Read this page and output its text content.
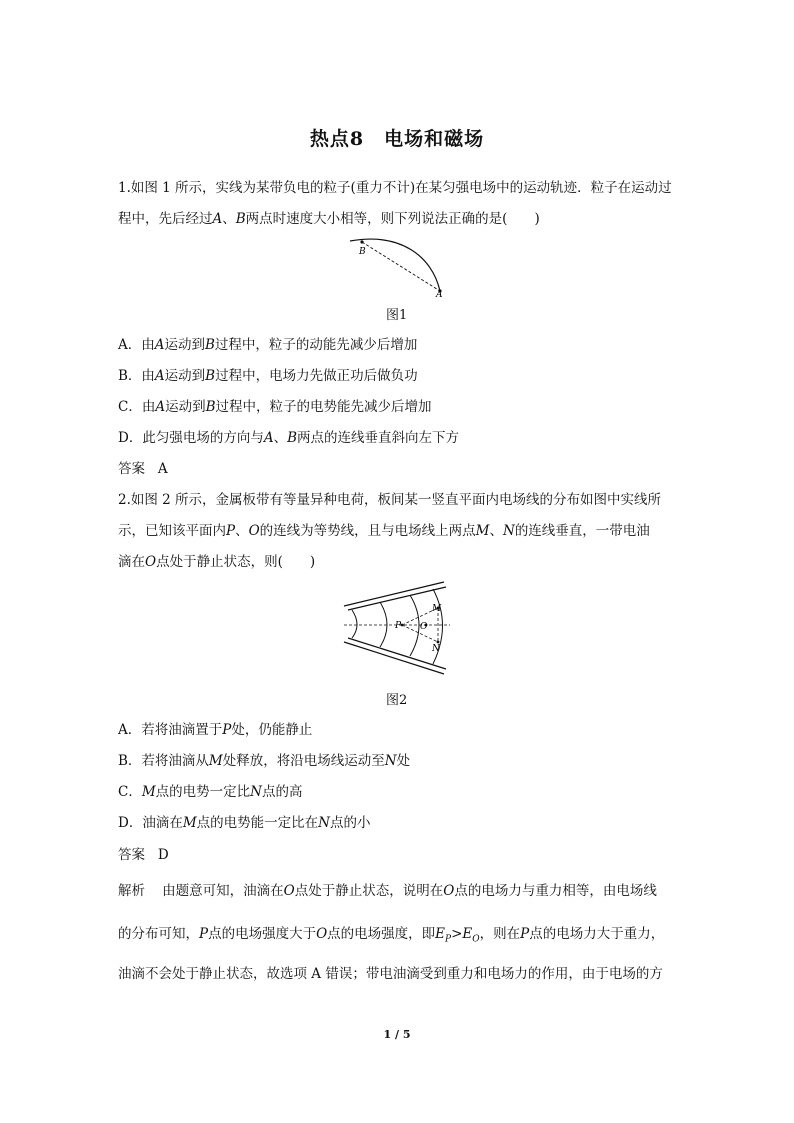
热点8　电场和磁场
1.如图 1 所示，实线为某带负电的粒子(重力不计)在某匀强电场中的运动轨迹．粒子在运动过
程中，先后经过A、B两点时速度大小相等，则下列说法正确的是(　　)
B
A
图1
A．由A运动到B过程中，粒子的动能先减少后增加
B．由A运动到B过程中，电场力先做正功后做负功
C．由A运动到B过程中，粒子的电势能先减少后增加
D．此匀强电场的方向与A、B两点的连线垂直斜向左下方
答案 A
2.如图 2 所示，金属板带有等量异种电荷，板间某一竖直平面内电场线的分布如图中实线所
示，已知该平面内P、O的连线为等势线，且与电场线上两点M、N的连线垂直，一带电油
滴在O点处于静止状态，则(　　)
P O
M
N
图2
A．若将油滴置于P处，仍能静止
B．若将油滴从M处释放，将沿电场线运动至N处
C．M点的电势一定比N点的高
D．油滴在M点的电势能一定比在N点的小
答案 D
解析 由题意可知，油滴在O点处于静止状态，说明在O点的电场力与重力相等，由电场线
的分布可知，P点的电场强度大于O点的电场强度，即$E_P>E_O$，则在P点的电场力大于重力，
油滴不会处于静止状态，故选项 A 错误；带电油滴受到重力和电场力的作用，由于电场的方
1 / 5
